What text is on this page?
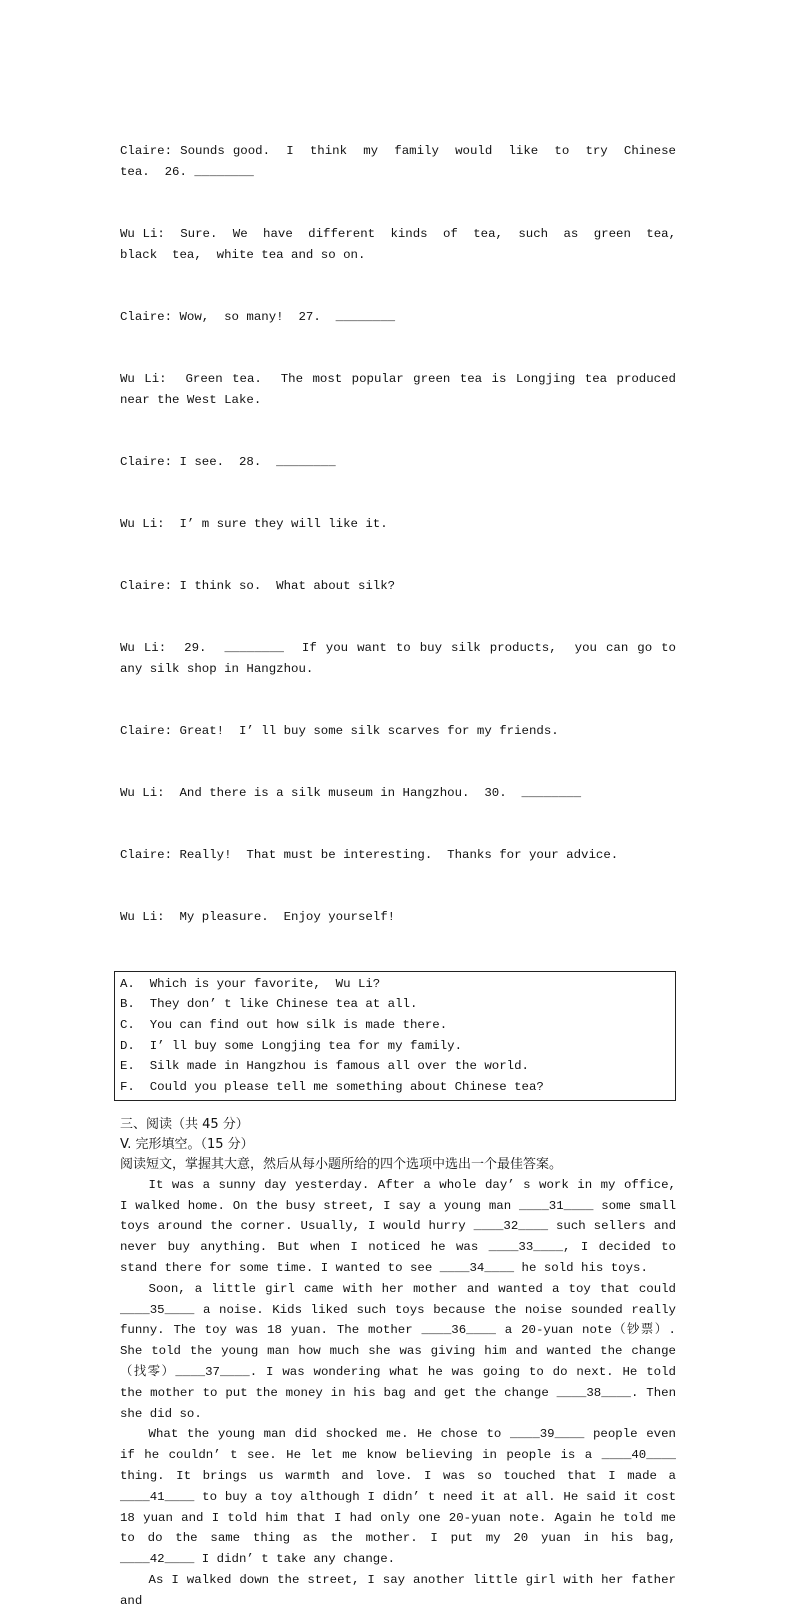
Claire: Sounds good.  I  think  my  family  would  like  to  try  Chinese  tea.  26. ________

Wu Li:  Sure.  We  have  different  kinds  of  tea,  such  as  green  tea,  black  tea,  white tea and so on.

Claire: Wow,  so many!  27.  ________

Wu Li:  Green tea.  The most popular green tea is Longjing tea produced near the West Lake.

Claire: I see.  28.  ________

Wu Li:  I’ m sure they will like it.

Claire: I think so.  What about silk?

Wu Li:  29.  ________  If you want to buy silk products,  you can go to any silk shop in Hangzhou.

Claire: Great!  I’ ll buy some silk scarves for my friends.

Wu Li:  And there is a silk museum in Hangzhou.  30.  ________

Claire: Really!  That must be interesting.  Thanks for your advice.

Wu Li:  My pleasure.  Enjoy yourself!

A.  Which is your favorite,  Wu Li?
B.  They don’ t like Chinese tea at all.
C.  You can find out how silk is made there.
D.  I’ ll buy some Longjing tea for my family.
E.  Silk made in Hangzhou is famous all over the world.
F.  Could you please tell me something about Chinese tea?
三、阅读（共 45 分）
V. 完形填空。（15 分）
阅读短文，掌握其大意，然后从每小题所给的四个选项中选出一个最佳答案。
It was a sunny day yesterday. After a whole day’ s work in my office, I walked home. On the busy street, I say a young man ____31____ some small toys around the corner. Usually, I would hurry ____32____ such sellers and never buy anything. But when I noticed he was ____33____, I decided to stand there for some time. I wanted to see ____34____ he sold his toys.
Soon, a little girl came with her mother and wanted a toy that could ____35____ a noise. Kids liked such toys because the noise sounded really funny. The toy was 18 yuan. The mother ____36____ a 20-yuan note（钞票）. She told the young man how much she was giving him and wanted the change（找零）____37____. I was wondering what he was going to do next. He told the mother to put the money in his bag and get the change ____38____. Then she did so.
What the young man did shocked me. He chose to ____39____ people even if he couldn’ t see. He let me know believing in people is a ____40____ thing. It brings us warmth and love. I was so touched that I made a ____41____ to buy a toy although I didn’ t need it at all. He said it cost 18 yuan and I told him that I had only one 20-yuan note. Again he told me to do the same thing as the mother. I put my 20 yuan in his bag, ____42____ I didn’ t take any change.
As I walked down the street, I say another little girl with her father and
